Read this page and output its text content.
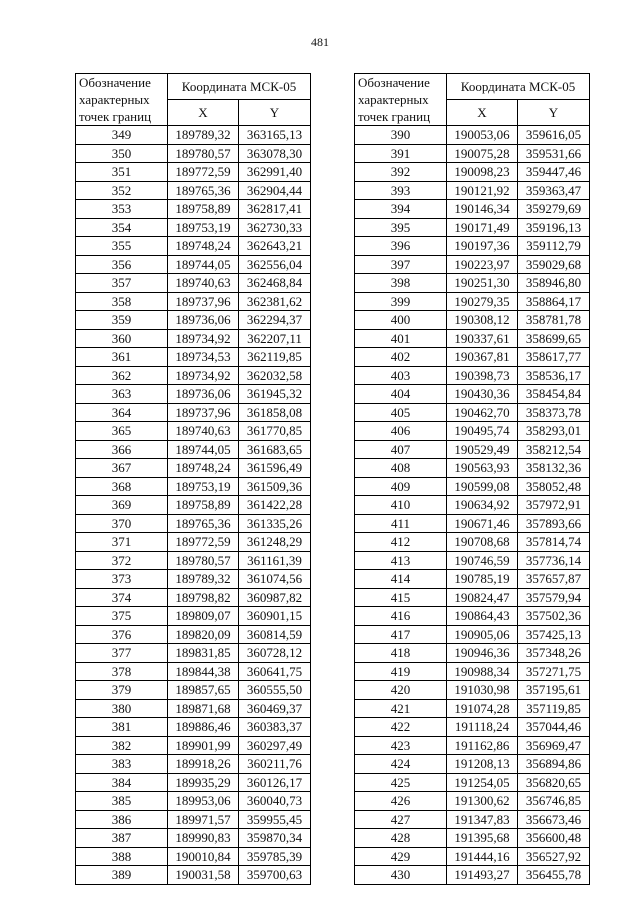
481
Обозначение характерных точек границ	Координата МСК-05	
	X	Y
349	189789,32	363165,13
350	189780,57	363078,30
351	189772,59	362991,40
352	189765,36	362904,44
353	189758,89	362817,41
354	189753,19	362730,33
355	189748,24	362643,21
356	189744,05	362556,04
357	189740,63	362468,84
358	189737,96	362381,62
359	189736,06	362294,37
360	189734,92	362207,11
361	189734,53	362119,85
362	189734,92	362032,58
363	189736,06	361945,32
364	189737,96	361858,08
365	189740,63	361770,85
366	189744,05	361683,65
367	189748,24	361596,49
368	189753,19	361509,36
369	189758,89	361422,28
370	189765,36	361335,26
371	189772,59	361248,29
372	189780,57	361161,39
373	189789,32	361074,56
374	189798,82	360987,82
375	189809,07	360901,15
376	189820,09	360814,59
377	189831,85	360728,12
378	189844,38	360641,75
379	189857,65	360555,50
380	189871,68	360469,37
381	189886,46	360383,37
382	189901,99	360297,49
383	189918,26	360211,76
384	189935,29	360126,17
385	189953,06	360040,73
386	189971,57	359955,45
387	189990,83	359870,34
388	190010,84	359785,39
389	190031,58	359700,63
Обозначение характерных точек границ	Координата МСК-05	
	X	Y
390	190053,06	359616,05
391	190075,28	359531,66
392	190098,23	359447,46
393	190121,92	359363,47
394	190146,34	359279,69
395	190171,49	359196,13
396	190197,36	359112,79
397	190223,97	359029,68
398	190251,30	358946,80
399	190279,35	358864,17
400	190308,12	358781,78
401	190337,61	358699,65
402	190367,81	358617,77
403	190398,73	358536,17
404	190430,36	358454,84
405	190462,70	358373,78
406	190495,74	358293,01
407	190529,49	358212,54
408	190563,93	358132,36
409	190599,08	358052,48
410	190634,92	357972,91
411	190671,46	357893,66
412	190708,68	357814,74
413	190746,59	357736,14
414	190785,19	357657,87
415	190824,47	357579,94
416	190864,43	357502,36
417	190905,06	357425,13
418	190946,36	357348,26
419	190988,34	357271,75
420	191030,98	357195,61
421	191074,28	357119,85
422	191118,24	357044,46
423	191162,86	356969,47
424	191208,13	356894,86
425	191254,05	356820,65
426	191300,62	356746,85
427	191347,83	356673,46
428	191395,68	356600,48
429	191444,16	356527,92
430	191493,27	356455,78
